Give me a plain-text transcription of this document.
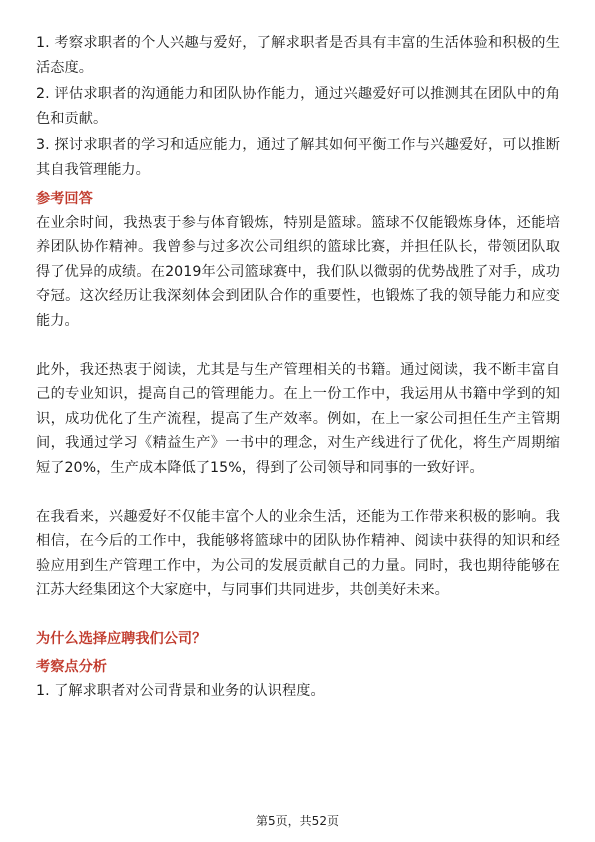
1. 考察求职者的个人兴趣与爱好，了解求职者是否具有丰富的生活体验和积极的生活态度。

2. 评估求职者的沟通能力和团队协作能力，通过兴趣爱好可以推测其在团队中的角色和贡献。

3. 探讨求职者的学习和适应能力，通过了解其如何平衡工作与兴趣爱好，可以推断其自我管理能力。

参考回答

在业余时间，我热衷于参与体育锻炼，特别是篮球。篮球不仅能锻炼身体，还能培养团队协作精神。我曾参与过多次公司组织的篮球比赛，并担任队长，带领团队取得了优异的成绩。在2019年公司篮球赛中，我们队以微弱的优势战胜了对手，成功夺冠。这次经历让我深刻体会到团队合作的重要性，也锻炼了我的领导能力和应变能力。

此外，我还热衷于阅读，尤其是与生产管理相关的书籍。通过阅读，我不断丰富自己的专业知识，提高自己的管理能力。在上一份工作中，我运用从书籍中学到的知识，成功优化了生产流程，提高了生产效率。例如，在上一家公司担任生产主管期间，我通过学习《精益生产》一书中的理念，对生产线进行了优化，将生产周期缩短了20%，生产成本降低了15%，得到了公司领导和同事的一致好评。

在我看来，兴趣爱好不仅能丰富个人的业余生活，还能为工作带来积极的影响。我相信，在今后的工作中，我能够将篮球中的团队协作精神、阅读中获得的知识和经验应用到生产管理工作中，为公司的发展贡献自己的力量。同时，我也期待能够在江苏大经集团这个大家庭中，与同事们共同进步，共创美好未来。

为什么选择应聘我们公司？

考察点分析

1. 了解求职者对公司背景和业务的认识程度。

第5页，共52页
